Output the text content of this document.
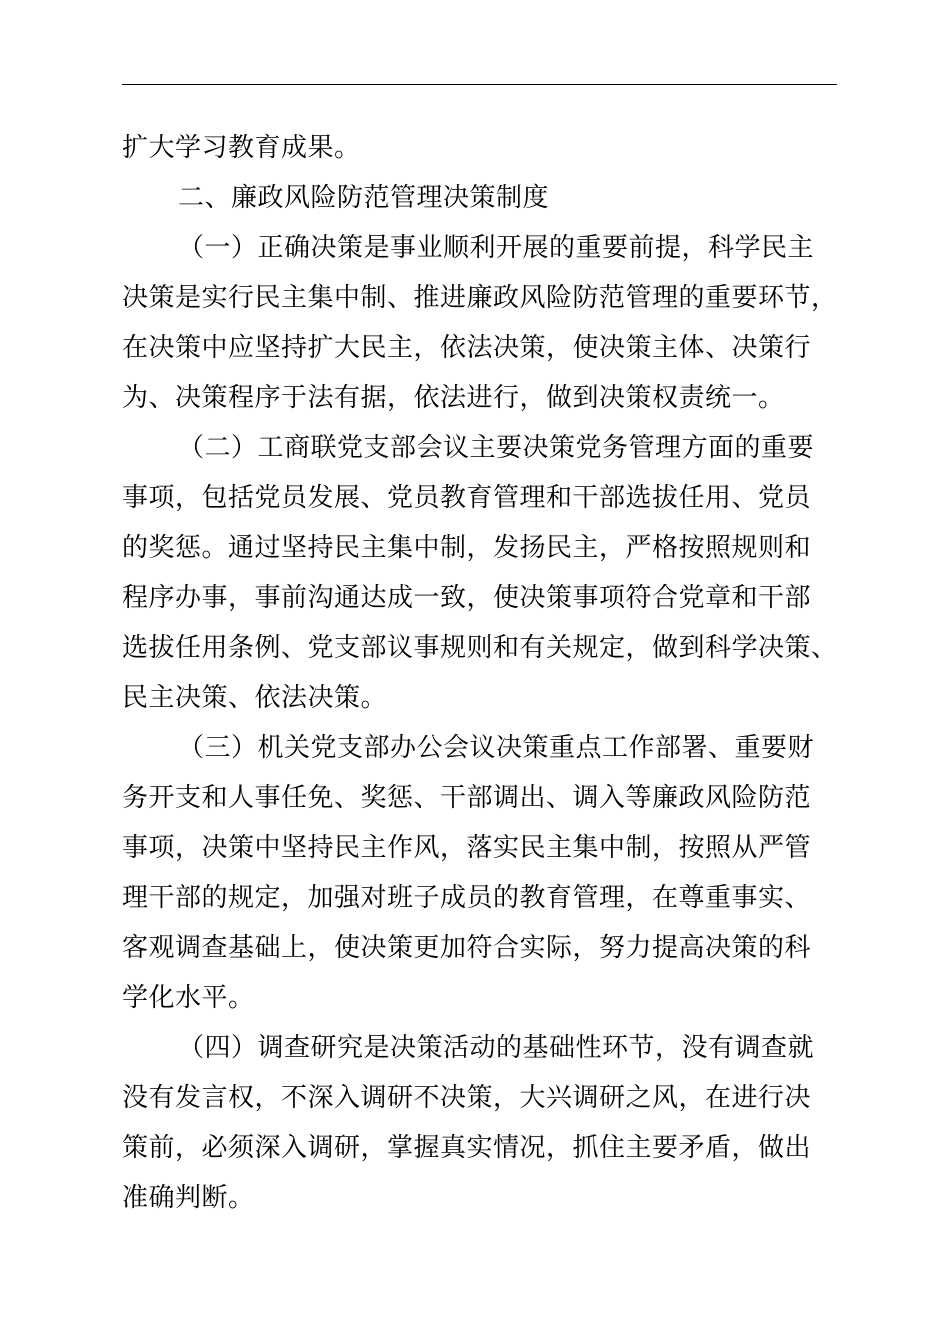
扩大学习教育成果。
二、廉政风险防范管理决策制度
（一）正确决策是事业顺利开展的重要前提，科学民主
决策是实行民主集中制、推进廉政风险防范管理的重要环节，
在决策中应坚持扩大民主，依法决策，使决策主体、决策行
为、决策程序于法有据，依法进行，做到决策权责统一。
（二）工商联党支部会议主要决策党务管理方面的重要
事项，包括党员发展、党员教育管理和干部选拔任用、党员
的奖惩。通过坚持民主集中制，发扬民主，严格按照规则和
程序办事，事前沟通达成一致，使决策事项符合党章和干部
选拔任用条例、党支部议事规则和有关规定，做到科学决策、
民主决策、依法决策。
（三）机关党支部办公会议决策重点工作部署、重要财
务开支和人事任免、奖惩、干部调出、调入等廉政风险防范
事项，决策中坚持民主作风，落实民主集中制，按照从严管
理干部的规定，加强对班子成员的教育管理，在尊重事实、
客观调查基础上，使决策更加符合实际，努力提高决策的科
学化水平。
（四）调查研究是决策活动的基础性环节，没有调查就
没有发言权，不深入调研不决策，大兴调研之风，在进行决
策前，必须深入调研，掌握真实情况，抓住主要矛盾，做出
准确判断。
